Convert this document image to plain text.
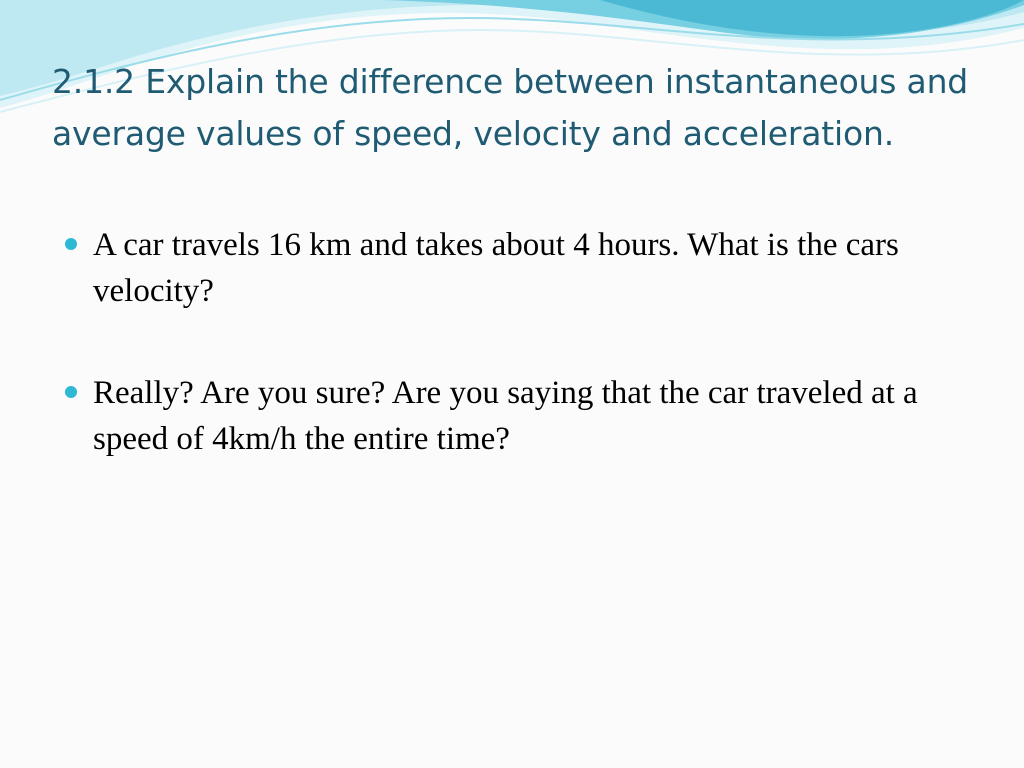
2.1.2 Explain the difference between instantaneous and average values of speed, velocity and acceleration.
A car travels 16 km and takes about 4 hours. What is the cars velocity?
Really? Are you sure? Are you saying that the car traveled at a speed of 4km/h the entire time?
